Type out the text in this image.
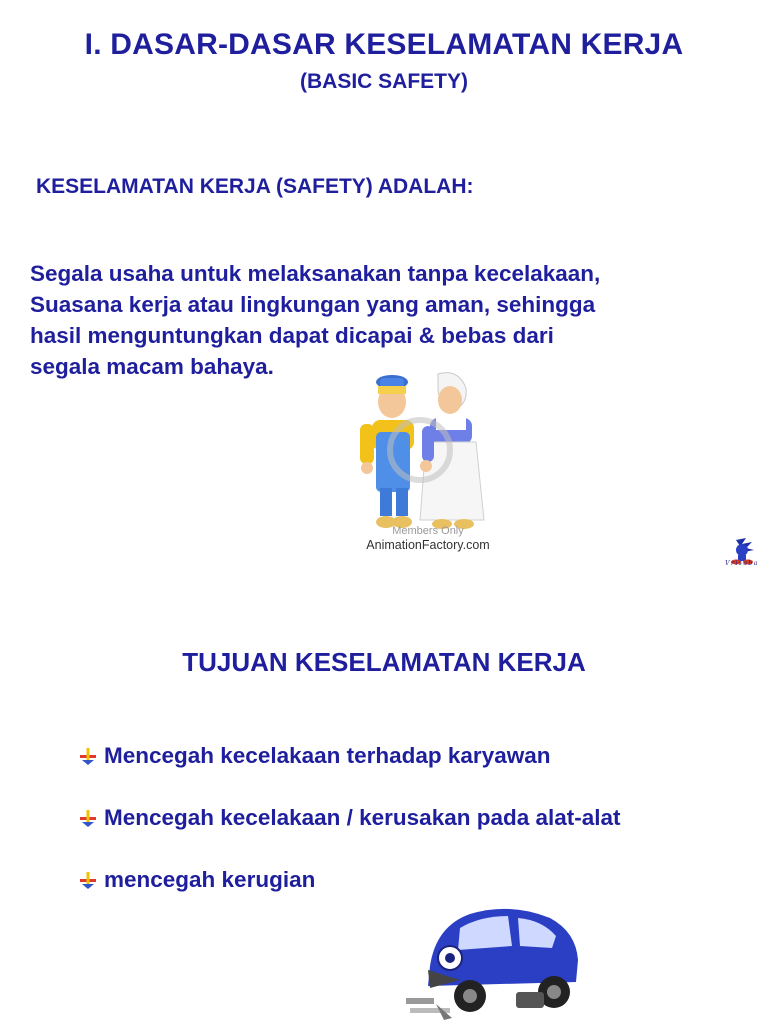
I. DASAR-DASAR KESELAMATAN KERJA
(BASIC SAFETY)
KESELAMATAN KERJA (SAFETY) ADALAH:
Segala usaha untuk melaksanakan tanpa kecelakaan,
Suasana kerja atau lingkungan yang aman, sehingga
hasil menguntungkan dapat dicapai & bebas dari
segala macam bahaya.
Members Only
AnimationFactory.com
Vrisaba
TUJUAN KESELAMATAN KERJA
Mencegah kecelakaan terhadap karyawan
Mencegah kecelakaan / kerusakan pada alat-alat
mencegah kerugian
